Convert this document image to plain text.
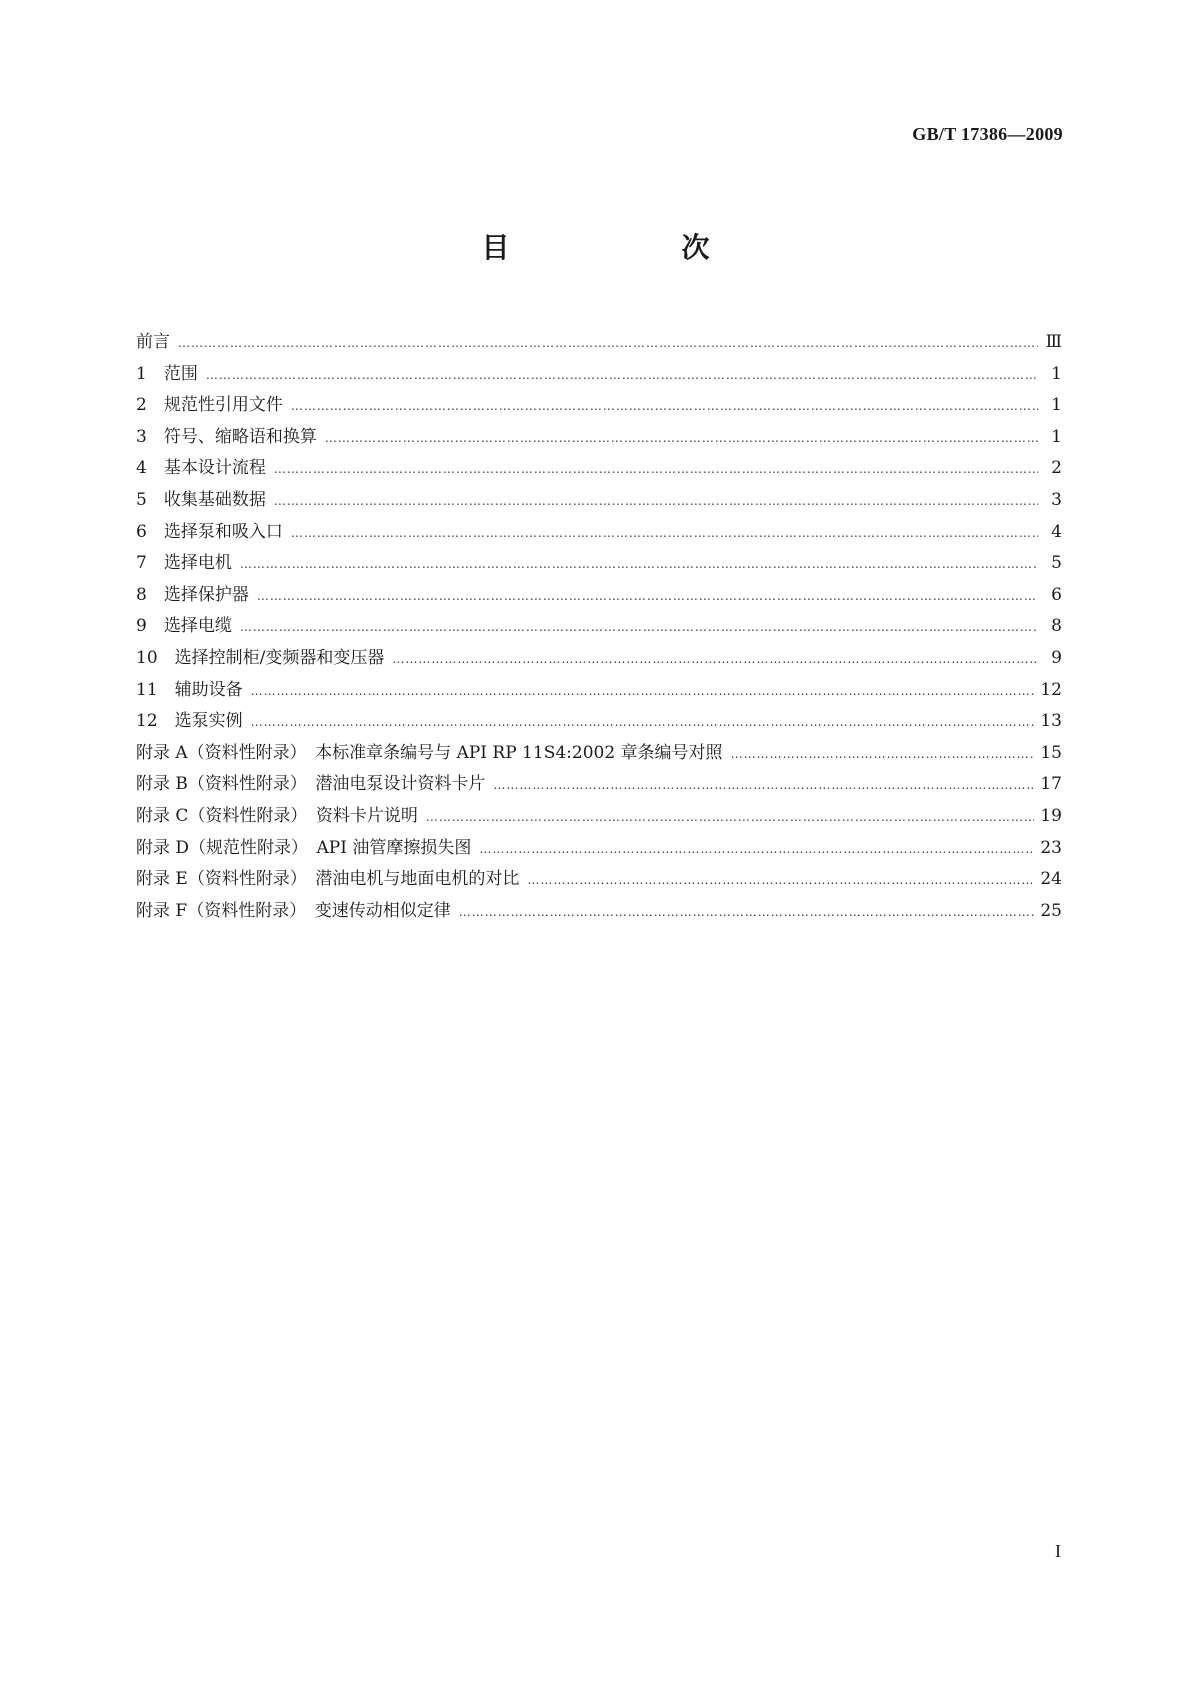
GB/T 17386—2009
目　次
前言 ……………………………………………………………………………………………………………………………………………………………………………………………………………………………………………………	Ⅲ
1　范围 ……………………………………………………………………………………………………………………………………………………………………………………………………………………………………………………	1
2　规范性引用文件 ……………………………………………………………………………………………………………………………………………………………………………………………………………………………………………………	1
3　符号、缩略语和换算 ……………………………………………………………………………………………………………………………………………………………………………………………………………………………………………………	1
4　基本设计流程 ……………………………………………………………………………………………………………………………………………………………………………………………………………………………………………………	2
5　收集基础数据 ……………………………………………………………………………………………………………………………………………………………………………………………………………………………………………………	3
6　选择泵和吸入口 ……………………………………………………………………………………………………………………………………………………………………………………………………………………………………………………	4
7　选择电机 ……………………………………………………………………………………………………………………………………………………………………………………………………………………………………………………	5
8　选择保护器 ……………………………………………………………………………………………………………………………………………………………………………………………………………………………………………………	6
9　选择电缆 ……………………………………………………………………………………………………………………………………………………………………………………………………………………………………………………	8
10　选择控制柜/变频器和变压器 ……………………………………………………………………………………………………………………………………………………………………………………………………………………………………………………	9
11　辅助设备 ……………………………………………………………………………………………………………………………………………………………………………………………………………………………………………………	12
12　选泵实例 ……………………………………………………………………………………………………………………………………………………………………………………………………………………………………………………	13
附录 A（资料性附录）　本标准章条编号与 API RP 11S4:2002 章条编号对照 ……………………………………………………………………………………………………………………………………………………………………………………………………………………………………………………	15
附录 B（资料性附录）　潜油电泵设计资料卡片 ……………………………………………………………………………………………………………………………………………………………………………………………………………………………………………………	17
附录 C（资料性附录）　资料卡片说明 ……………………………………………………………………………………………………………………………………………………………………………………………………………………………………………………	19
附录 D（规范性附录）　API 油管摩擦损失图 ……………………………………………………………………………………………………………………………………………………………………………………………………………………………………………………	23
附录 E（资料性附录）　潜油电机与地面电机的对比 ……………………………………………………………………………………………………………………………………………………………………………………………………………………………………………………	24
附录 F（资料性附录）　变速传动相似定律 ……………………………………………………………………………………………………………………………………………………………………………………………………………………………………………………	25
I
